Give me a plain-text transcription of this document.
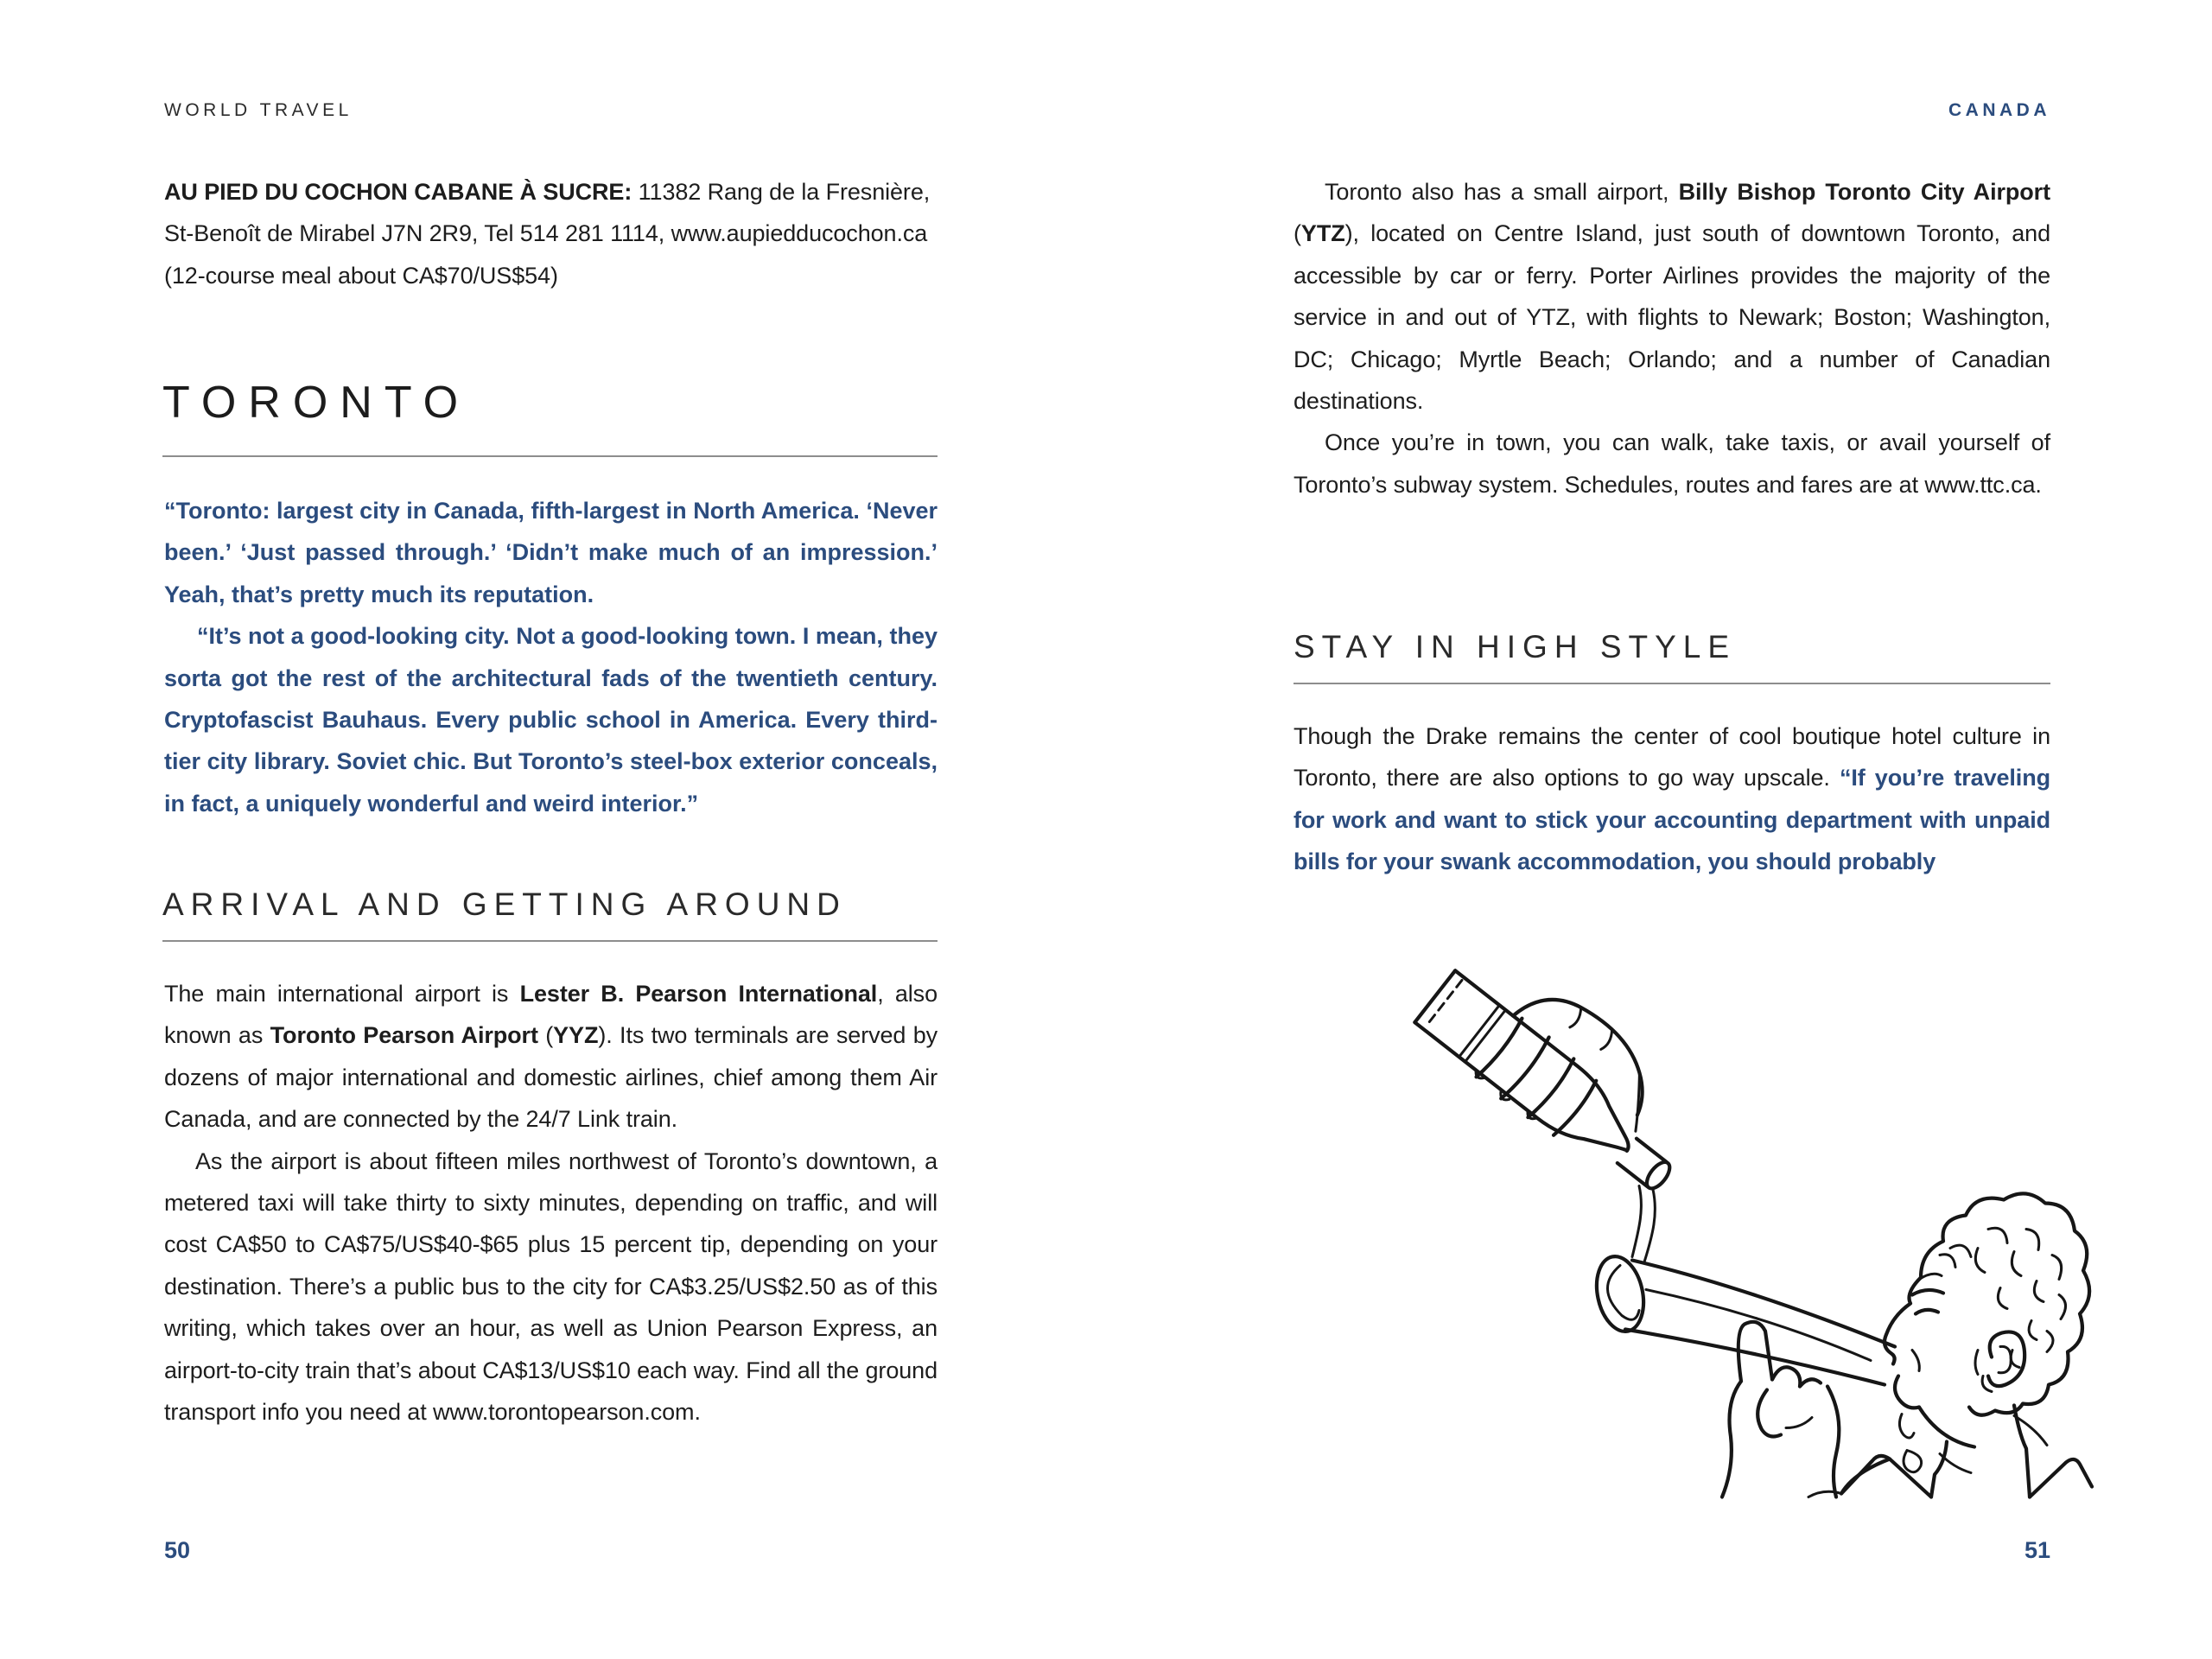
WORLD TRAVEL
AU PIED DU COCHON CABANE À SUCRE: 11382 Rang de la Fresnière, St-Benoît de Mirabel J7N 2R9, Tel 514 281 1114, www.aupiedducochon.ca (12-course meal about CA$70/US$54)
TORONTO

“Toronto: largest city in Canada, fifth-largest in North America. ‘Never been.’ ‘Just passed through.’ ‘Didn’t make much of an impression.’ Yeah, that’s pretty much its reputation.

“It’s not a good-looking city. Not a good-looking town. I mean, they sorta got the rest of the architectural fads of the twentieth century. Cryptofascist Bauhaus. Every public school in America. Every third-tier city library. Soviet chic. But Toronto’s steel-box exterior conceals, in fact, a uniquely wonderful and weird interior.”

ARRIVAL AND GETTING AROUND

The main international airport is Lester B. Pearson International, also known as Toronto Pearson Airport (YYZ). Its two terminals are served by dozens of major international and domestic airlines, chief among them Air Canada, and are connected by the 24/7 Link train.

As the airport is about fifteen miles northwest of Toronto’s downtown, a metered taxi will take thirty to sixty minutes, depending on traffic, and will cost CA$50 to CA$75/US$40-$65 plus 15 percent tip, depending on your destination. There’s a public bus to the city for CA$3.25/US$2.50 as of this writing, which takes over an hour, as well as Union Pearson Express, an airport-to-city train that’s about CA$13/US$10 each way. Find all the ground transport info you need at www.torontopearson.com.

50
CANADA

Toronto also has a small airport, Billy Bishop Toronto City Airport (YTZ), located on Centre Island, just south of downtown Toronto, and accessible by car or ferry. Porter Airlines provides the majority of the service in and out of YTZ, with flights to Newark; Boston; Washington, DC; Chicago; Myrtle Beach; Orlando; and a number of Canadian destinations.

Once you’re in town, you can walk, take taxis, or avail yourself of Toronto’s subway system. Schedules, routes and fares are at www.ttc.ca.

STAY IN HIGH STYLE

Though the Drake remains the center of cool boutique hotel culture in Toronto, there are also options to go way upscale. “If you’re traveling for work and want to stick your accounting department with unpaid bills for your swank accommodation, you should probably

51
